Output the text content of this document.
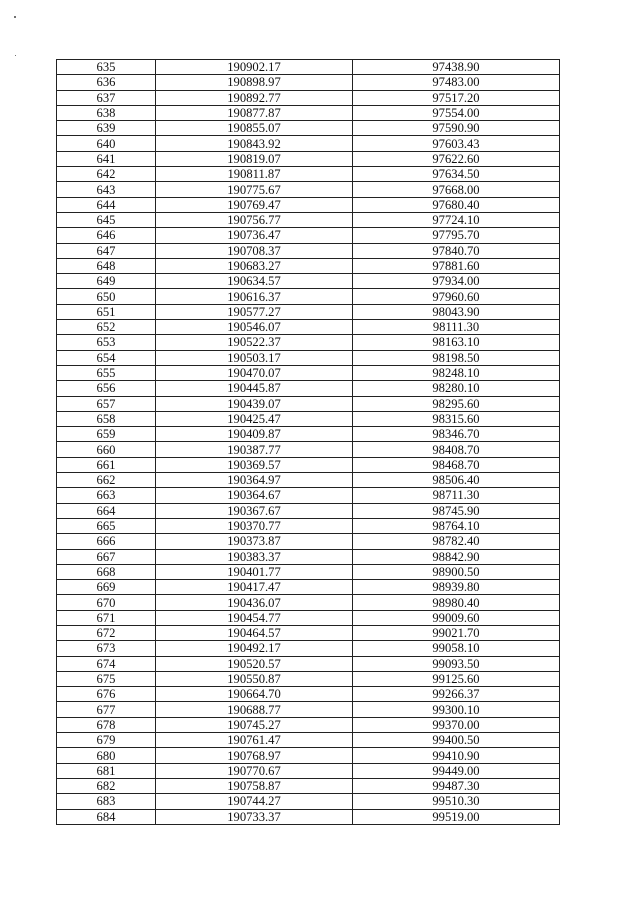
635	190902.17	97438.90
636	190898.97	97483.00
637	190892.77	97517.20
638	190877.87	97554.00
639	190855.07	97590.90
640	190843.92	97603.43
641	190819.07	97622.60
642	190811.87	97634.50
643	190775.67	97668.00
644	190769.47	97680.40
645	190756.77	97724.10
646	190736.47	97795.70
647	190708.37	97840.70
648	190683.27	97881.60
649	190634.57	97934.00
650	190616.37	97960.60
651	190577.27	98043.90
652	190546.07	98111.30
653	190522.37	98163.10
654	190503.17	98198.50
655	190470.07	98248.10
656	190445.87	98280.10
657	190439.07	98295.60
658	190425.47	98315.60
659	190409.87	98346.70
660	190387.77	98408.70
661	190369.57	98468.70
662	190364.97	98506.40
663	190364.67	98711.30
664	190367.67	98745.90
665	190370.77	98764.10
666	190373.87	98782.40
667	190383.37	98842.90
668	190401.77	98900.50
669	190417.47	98939.80
670	190436.07	98980.40
671	190454.77	99009.60
672	190464.57	99021.70
673	190492.17	99058.10
674	190520.57	99093.50
675	190550.87	99125.60
676	190664.70	99266.37
677	190688.77	99300.10
678	190745.27	99370.00
679	190761.47	99400.50
680	190768.97	99410.90
681	190770.67	99449.00
682	190758.87	99487.30
683	190744.27	99510.30
684	190733.37	99519.00
